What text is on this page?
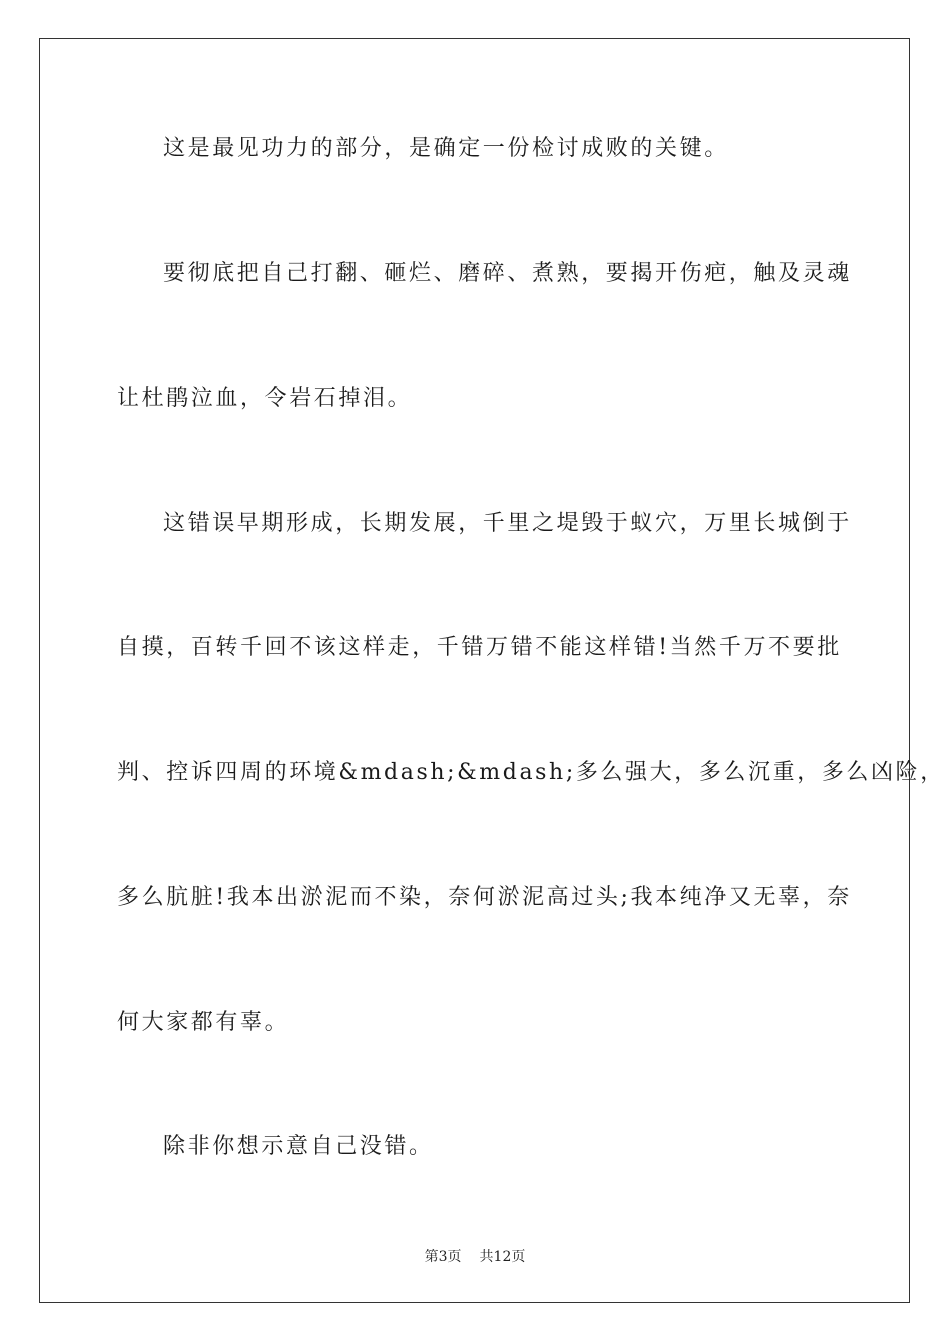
这是最见功力的部分，是确定一份检讨成败的关键。
要彻底把自己打翻、砸烂、磨碎、煮熟，要揭开伤疤，触及灵魂
让杜鹃泣血，令岩石掉泪。
这错误早期形成，长期发展，千里之堤毁于蚁穴，万里长城倒于
自摸，百转千回不该这样走，千错万错不能这样错!当然千万不要批
判、控诉四周的环境&mdash;&mdash;多么强大，多么沉重，多么凶险，
多么肮脏!我本出淤泥而不染，奈何淤泥高过头;我本纯净又无辜，奈
何大家都有辜。
除非你想示意自己没错。
第3页 共12页
